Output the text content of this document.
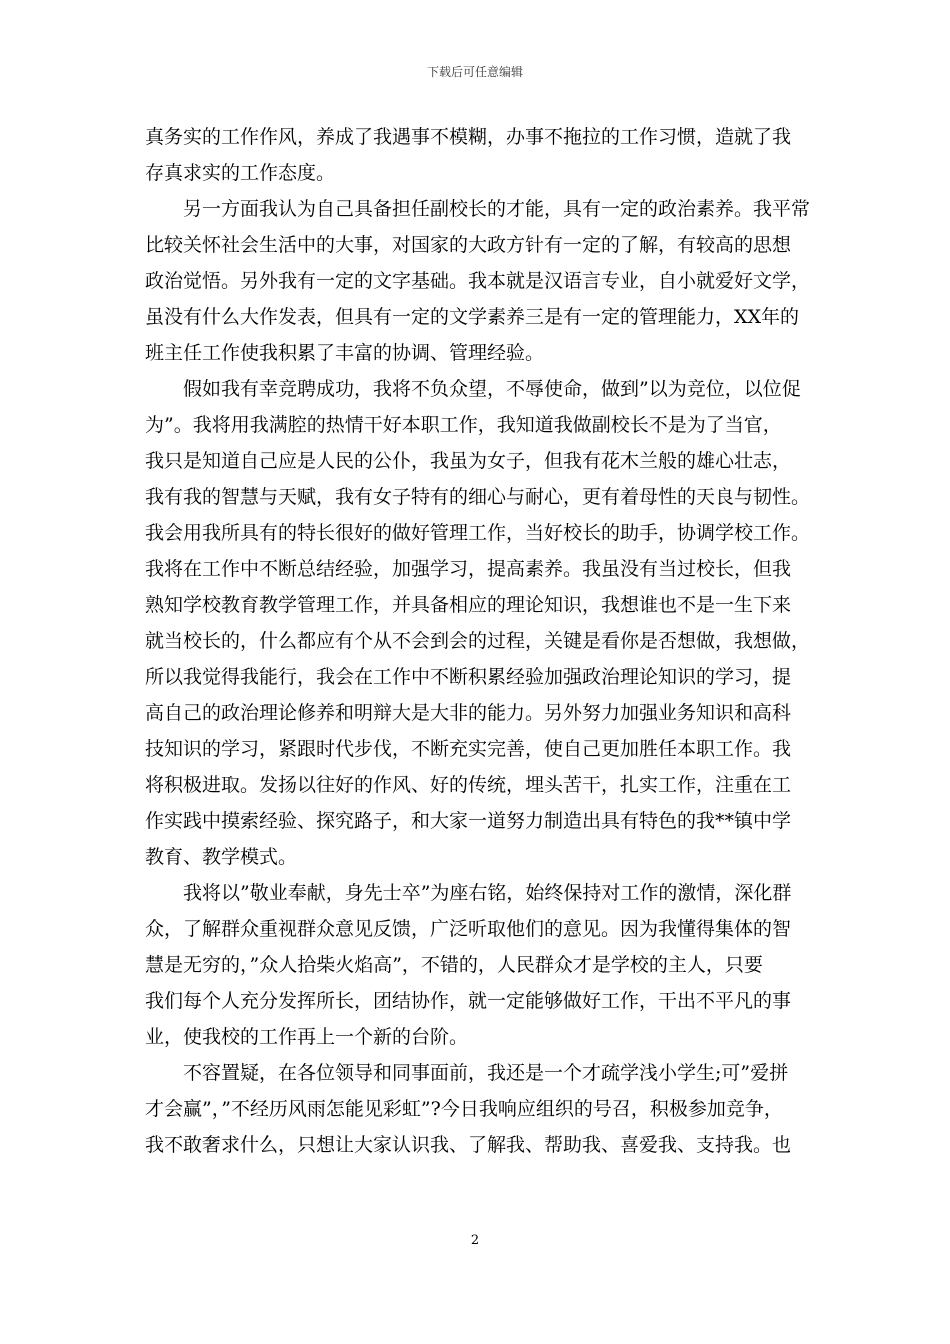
下载后可任意编辑
真务实的工作作风，养成了我遇事不模糊，办事不拖拉的工作习惯，造就了我
存真求实的工作态度。
　　另一方面我认为自己具备担任副校长的才能，具有一定的政治素养。我平常
比较关怀社会生活中的大事，对国家的大政方针有一定的了解，有较高的思想
政治觉悟。另外我有一定的文字基础。我本就是汉语言专业，自小就爱好文学，
虽没有什么大作发表，但具有一定的文学素养三是有一定的管理能力，XX年的
班主任工作使我积累了丰富的协调、管理经验。
　　假如我有幸竞聘成功，我将不负众望，不辱使命，做到”以为竞位，以位促
为”。我将用我满腔的热情干好本职工作，我知道我做副校长不是为了当官，
我只是知道自己应是人民的公仆，我虽为女子，但我有花木兰般的雄心壮志，
我有我的智慧与天赋，我有女子特有的细心与耐心，更有着母性的天良与韧性。
我会用我所具有的特长很好的做好管理工作，当好校长的助手，协调学校工作。
我将在工作中不断总结经验，加强学习，提高素养。我虽没有当过校长，但我
熟知学校教育教学管理工作，并具备相应的理论知识，我想谁也不是一生下来
就当校长的，什么都应有个从不会到会的过程，关键是看你是否想做，我想做，
所以我觉得我能行，我会在工作中不断积累经验加强政治理论知识的学习，提
高自己的政治理论修养和明辩大是大非的能力。另外努力加强业务知识和高科
技知识的学习，紧跟时代步伐，不断充实完善，使自己更加胜任本职工作。我
将积极进取。发扬以往好的作风、好的传统，埋头苦干，扎实工作，注重在工
作实践中摸索经验、探究路子，和大家一道努力制造出具有特色的我**镇中学
教育、教学模式。
　　我将以”敬业奉献，身先士卒”为座右铭，始终保持对工作的激情，深化群
众，了解群众重视群众意见反馈，广泛听取他们的意见。因为我懂得集体的智
慧是无穷的，”众人拾柴火焰高”，不错的，人民群众才是学校的主人，只要
我们每个人充分发挥所长，团结协作，就一定能够做好工作，干出不平凡的事
业，使我校的工作再上一个新的台阶。
　　不容置疑，在各位领导和同事面前，我还是一个才疏学浅小学生;可”爱拼
才会赢”，”不经历风雨怎能见彩虹”?今日我响应组织的号召，积极参加竞争，
我不敢奢求什么，只想让大家认识我、了解我、帮助我、喜爱我、支持我。也
2
